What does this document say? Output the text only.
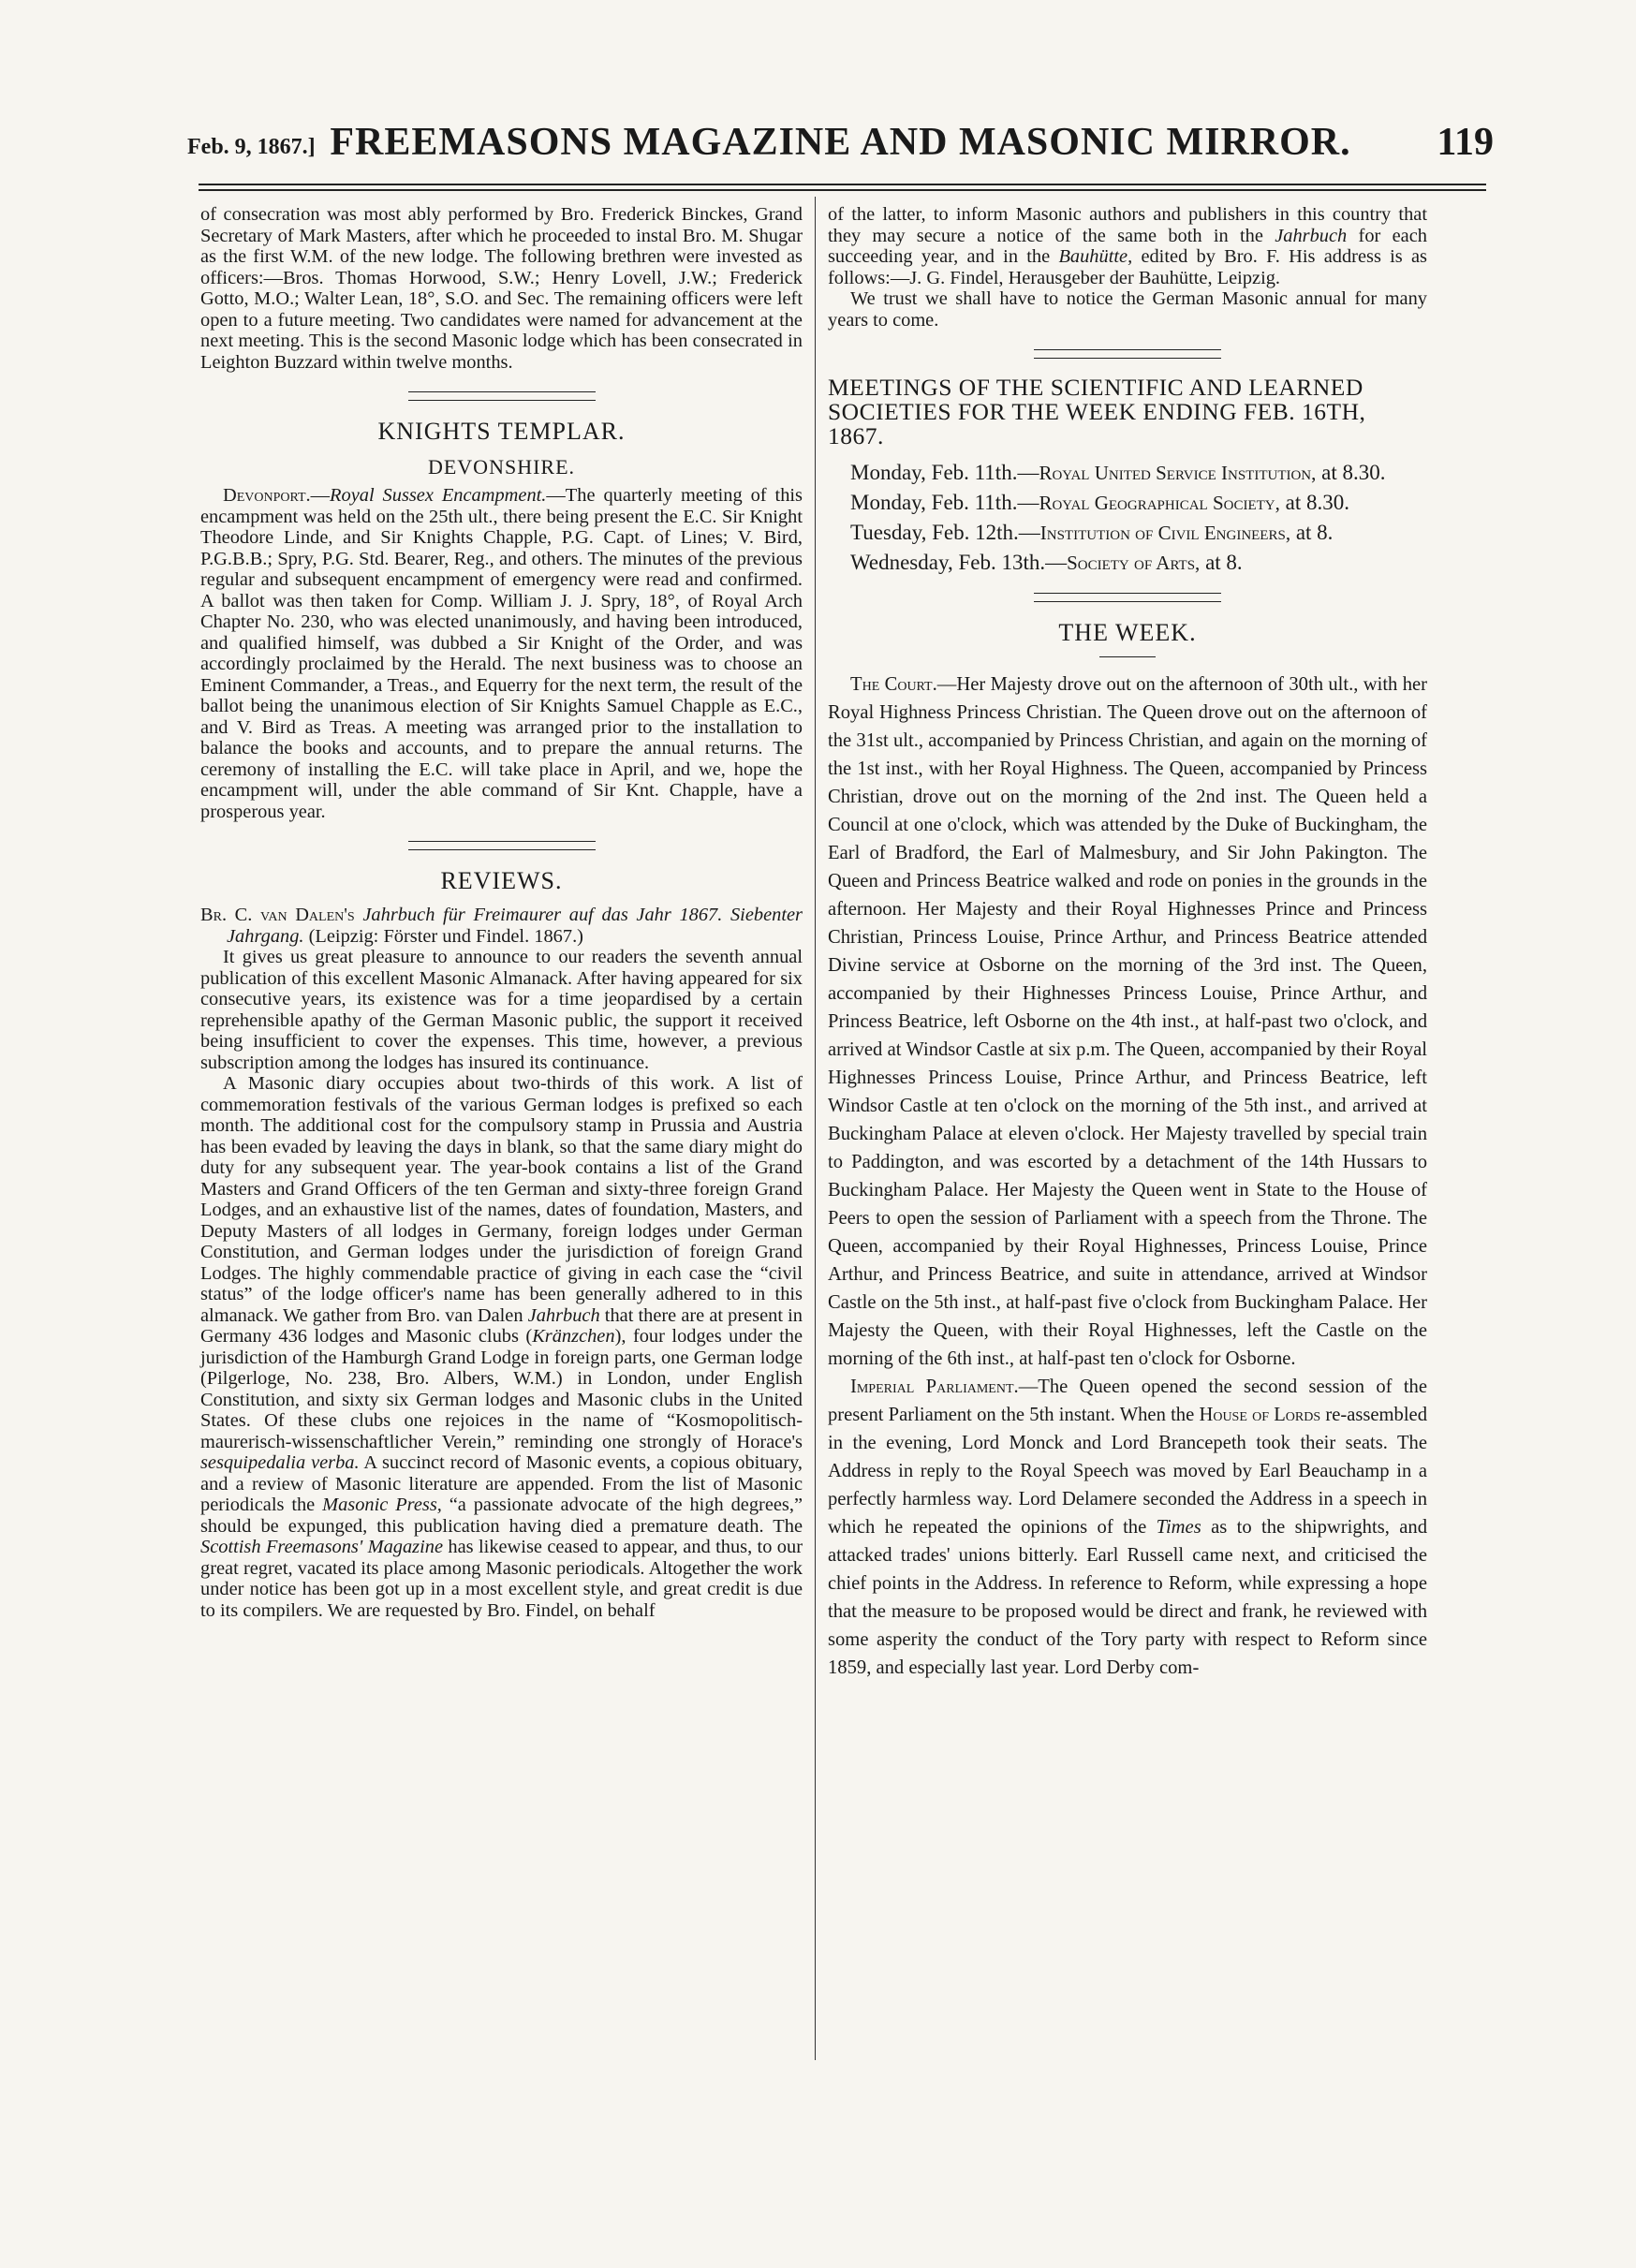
Feb. 9, 1867.] FREEMASONS MAGAZINE AND MASONIC MIRROR.	119

of consecration was most ably performed by Bro. Frederick Binckes, Grand Secretary of Mark Masters, after which he proceeded to instal Bro. M. Shugar as the first W.M. of the new lodge. The following brethren were invested as officers:—Bros. Thomas Horwood, S.W.; Henry Lovell, J.W.; Frederick Gotto, M.O.; Walter Lean, 18°, S.O. and Sec. The remaining officers were left open to a future meeting. Two candidates were named for advancement at the next meeting. This is the second Masonic lodge which has been consecrated in Leighton Buzzard within twelve months.

KNIGHTS TEMPLAR.
DEVONSHIRE.

Devonport.—Royal Sussex Encampment.—The quarterly meeting of this encampment was held on the 25th ult., there being present the E.C. Sir Knight Theodore Linde, and Sir Knights Chapple, P.G. Capt. of Lines; V. Bird, P.G.B.B.; Spry, P.G. Std. Bearer, Reg., and others. The minutes of the previous regular and subsequent encampment of emergency were read and confirmed. A ballot was then taken for Comp. William J. J. Spry, 18°, of Royal Arch Chapter No. 230, who was elected unanimously, and having been introduced, and qualified himself, was dubbed a Sir Knight of the Order, and was accordingly proclaimed by the Herald. The next business was to choose an Eminent Commander, a Treas., and Equerry for the next term, the result of the ballot being the unanimous election of Sir Knights Samuel Chapple as E.C., and V. Bird as Treas. A meeting was arranged prior to the installation to balance the books and accounts, and to prepare the annual returns. The ceremony of installing the E.C. will take place in April, and we, hope the encampment will, under the able command of Sir Knt. Chapple, have a prosperous year.

REVIEWS.

Br. C. van Dalen's Jahrbuch für Freimaurer auf das Jahr 1867. Siebenter Jahrgang. (Leipzig: Förster und Findel. 1867.)

It gives us great pleasure to announce to our readers the seventh annual publication of this excellent Masonic Almanack. After having appeared for six consecutive years, its existence was for a time jeopardised by a certain reprehensible apathy of the German Masonic public, the support it received being insufficient to cover the expenses. This time, however, a previous subscription among the lodges has insured its continuance.

A Masonic diary occupies about two-thirds of this work. A list of commemoration festivals of the various German lodges is prefixed so each month. The additional cost for the compulsory stamp in Prussia and Austria has been evaded by leaving the days in blank, so that the same diary might do duty for any subsequent year. The year-book contains a list of the Grand Masters and Grand Officers of the ten German and sixty-three foreign Grand Lodges, and an exhaustive list of the names, dates of foundation, Masters, and Deputy Masters of all lodges in Germany, foreign lodges under German Constitution, and German lodges under the jurisdiction of foreign Grand Lodges. The highly commendable practice of giving in each case the “civil status” of the lodge officer's name has been generally adhered to in this almanack. We gather from Bro. van Dalen Jahrbuch that there are at present in Germany 436 lodges and Masonic clubs (Kränzchen), four lodges under the jurisdiction of the Hamburgh Grand Lodge in foreign parts, one German lodge (Pilgerloge, No. 238, Bro. Albers, W.M.) in London, under English Constitution, and sixty six German lodges and Masonic clubs in the United States. Of these clubs one rejoices in the name of “Kosmopolitisch-maurerisch-wissenschaftlicher Verein,” reminding one strongly of Horace's sesquipedalia verba. A succinct record of Masonic events, a copious obituary, and a review of Masonic literature are appended. From the list of Masonic periodicals the Masonic Press, “a passionate advocate of the high degrees,” should be expunged, this publication having died a premature death. The Scottish Freemasons' Magazine has likewise ceased to appear, and thus, to our great regret, vacated its place among Masonic periodicals. Altogether the work under notice has been got up in a most excellent style, and great credit is due to its compilers. We are requested by Bro. Findel, on behalf

of the latter, to inform Masonic authors and publishers in this country that they may secure a notice of the same both in the Jahrbuch for each succeeding year, and in the Bauhütte, edited by Bro. F. His address is as follows:—J. G. Findel, Herausgeber der Bauhütte, Leipzig.

We trust we shall have to notice the German Masonic annual for many years to come.

MEETINGS OF THE SCIENTIFIC AND LEARNED SOCIETIES FOR THE WEEK ENDING FEB. 16TH, 1867.

Monday, Feb. 11th.—Royal United Service Institution, at 8.30.

Monday, Feb. 11th.—Royal Geographical Society, at 8.30.

Tuesday, Feb. 12th.—Institution of Civil Engineers, at 8.

Wednesday, Feb. 13th.—Society of Arts, at 8.

THE WEEK.

The Court.—Her Majesty drove out on the afternoon of 30th ult., with her Royal Highness Princess Christian. The Queen drove out on the afternoon of the 31st ult., accompanied by Princess Christian, and again on the morning of the 1st inst., with her Royal Highness. The Queen, accompanied by Princess Christian, drove out on the morning of the 2nd inst. The Queen held a Council at one o'clock, which was attended by the Duke of Buckingham, the Earl of Bradford, the Earl of Malmesbury, and Sir John Pakington. The Queen and Princess Beatrice walked and rode on ponies in the grounds in the afternoon. Her Majesty and their Royal Highnesses Prince and Princess Christian, Princess Louise, Prince Arthur, and Princess Beatrice attended Divine service at Osborne on the morning of the 3rd inst. The Queen, accompanied by their Highnesses Princess Louise, Prince Arthur, and Princess Beatrice, left Osborne on the 4th inst., at half-past two o'clock, and arrived at Windsor Castle at six p.m. The Queen, accompanied by their Royal Highnesses Princess Louise, Prince Arthur, and Princess Beatrice, left Windsor Castle at ten o'clock on the morning of the 5th inst., and arrived at Buckingham Palace at eleven o'clock. Her Majesty travelled by special train to Paddington, and was escorted by a detachment of the 14th Hussars to Buckingham Palace. Her Majesty the Queen went in State to the House of Peers to open the session of Parliament with a speech from the Throne. The Queen, accompanied by their Royal Highnesses, Princess Louise, Prince Arthur, and Princess Beatrice, and suite in attendance, arrived at Windsor Castle on the 5th inst., at half-past five o'clock from Buckingham Palace. Her Majesty the Queen, with their Royal Highnesses, left the Castle on the morning of the 6th inst., at half-past ten o'clock for Osborne.

Imperial Parliament.—The Queen opened the second session of the present Parliament on the 5th instant. When the House of Lords re-assembled in the evening, Lord Monck and Lord Brancepeth took their seats. The Address in reply to the Royal Speech was moved by Earl Beauchamp in a perfectly harmless way. Lord Delamere seconded the Address in a speech in which he repeated the opinions of the Times as to the shipwrights, and attacked trades' unions bitterly. Earl Russell came next, and criticised the chief points in the Address. In reference to Reform, while expressing a hope that the measure to be proposed would be direct and frank, he reviewed with some asperity the conduct of the Tory party with respect to Reform since 1859, and especially last year. Lord Derby com-
